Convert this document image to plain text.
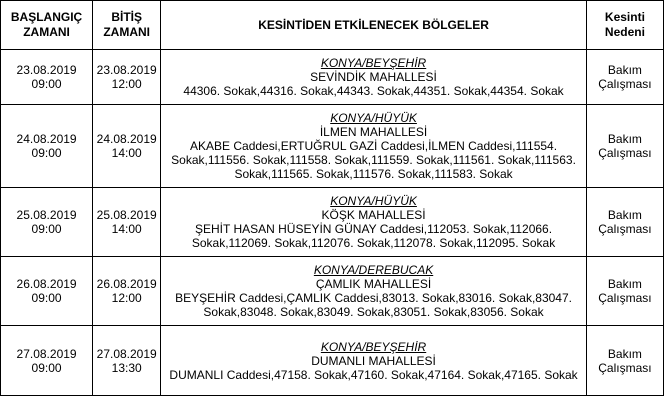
BAŞLANGIÇ
ZAMANI	BİTİŞ
ZAMANI	KESİNTİDEN ETKİLENECEK BÖLGELER	Kesinti
Nedeni

23.08.2019
09:00	23.08.2019
12:00	KONYA/BEYŞEHİR
SEVİNDİK MAHALLESİ
44306. Sokak,44316. Sokak,44343. Sokak,44351. Sokak,44354. Sokak	Bakım
Çalışması

24.08.2019
09:00	24.08.2019
14:00	KONYA/HÜYÜK
İLMEN MAHALLESİ
AKABE Caddesi,ERTUĞRUL GAZİ Caddesi,İLMEN Caddesi,111554. Sokak,111556. Sokak,111558. Sokak,111559. Sokak,111561. Sokak,111563. Sokak,111565. Sokak,111576. Sokak,111583. Sokak	Bakım
Çalışması

25.08.2019
09:00	25.08.2019
14:00	KONYA/HÜYÜK
KÖŞK MAHALLESİ
ŞEHİT HASAN HÜSEYİN GÜNAY Caddesi,112053. Sokak,112066. Sokak,112069. Sokak,112076. Sokak,112078. Sokak,112095. Sokak	Bakım
Çalışması

26.08.2019
09:00	26.08.2019
12:00	KONYA/DEREBUCAK
ÇAMLIK MAHALLESİ
BEYŞEHİR Caddesi,ÇAMLIK Caddesi,83013. Sokak,83016. Sokak,83047. Sokak,83048. Sokak,83049. Sokak,83051. Sokak,83056. Sokak	Bakım
Çalışması

27.08.2019
09:00	27.08.2019
13:30	KONYA/BEYŞEHİR
DUMANLI MAHALLESİ
DUMANLI Caddesi,47158. Sokak,47160. Sokak,47164. Sokak,47165. Sokak	Bakım
Çalışması
